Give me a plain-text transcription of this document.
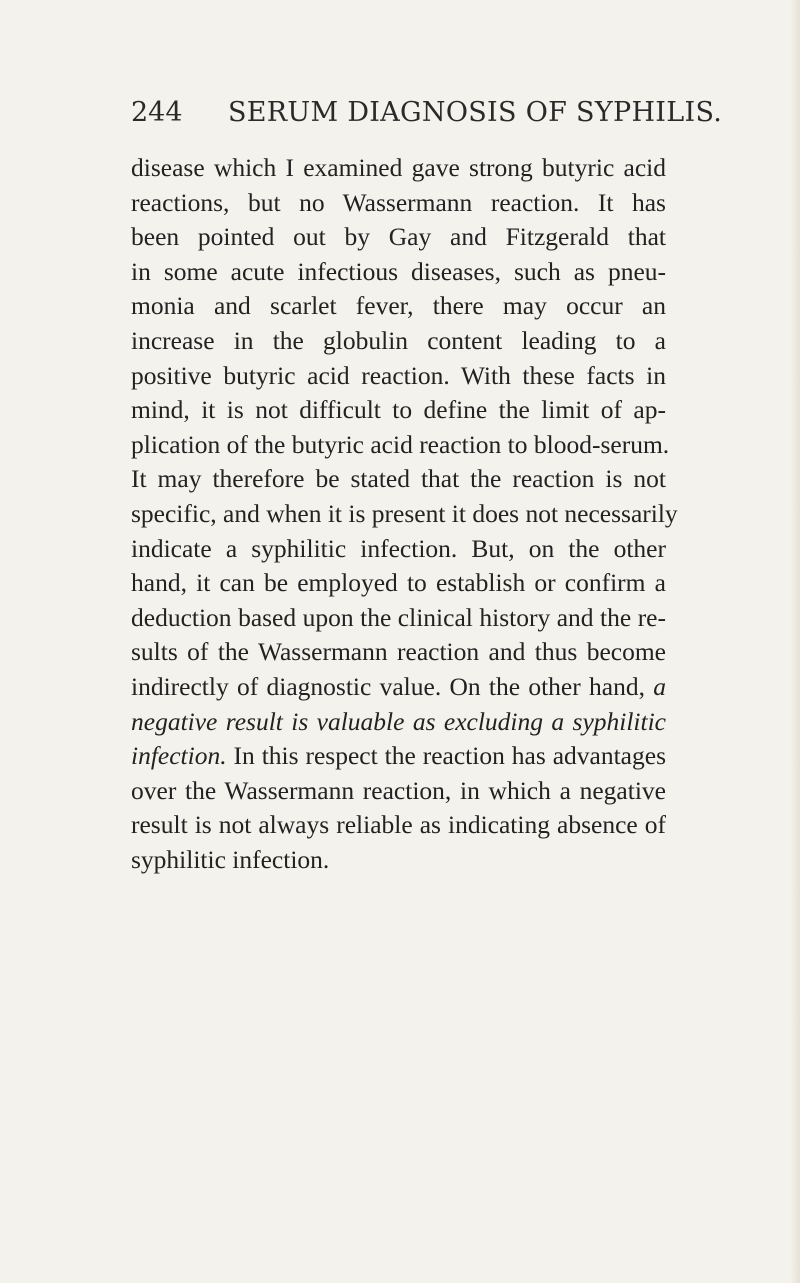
244 SERUM DIAGNOSIS OF SYPHILIS.
disease which I examined gave strong butyric acid
reactions, but no Wassermann reaction. It has
been pointed out by Gay and Fitzgerald that
in some acute infectious diseases, such as pneu-
monia and scarlet fever, there may occur an
increase in the globulin content leading to a
positive butyric acid reaction. With these facts in
mind, it is not difficult to define the limit of ap-
plication of the butyric acid reaction to blood-serum.
It may therefore be stated that the reaction is not
specific, and when it is present it does not necessarily
indicate a syphilitic infection. But, on the other
hand, it can be employed to establish or confirm a
deduction based upon the clinical history and the re-
sults of the Wassermann reaction and thus become
indirectly of diagnostic value. On the other hand, a
negative result is valuable as excluding a syphilitic
infection. In this respect the reaction has advantages
over the Wassermann reaction, in which a negative
result is not always reliable as indicating absence of
syphilitic infection.
